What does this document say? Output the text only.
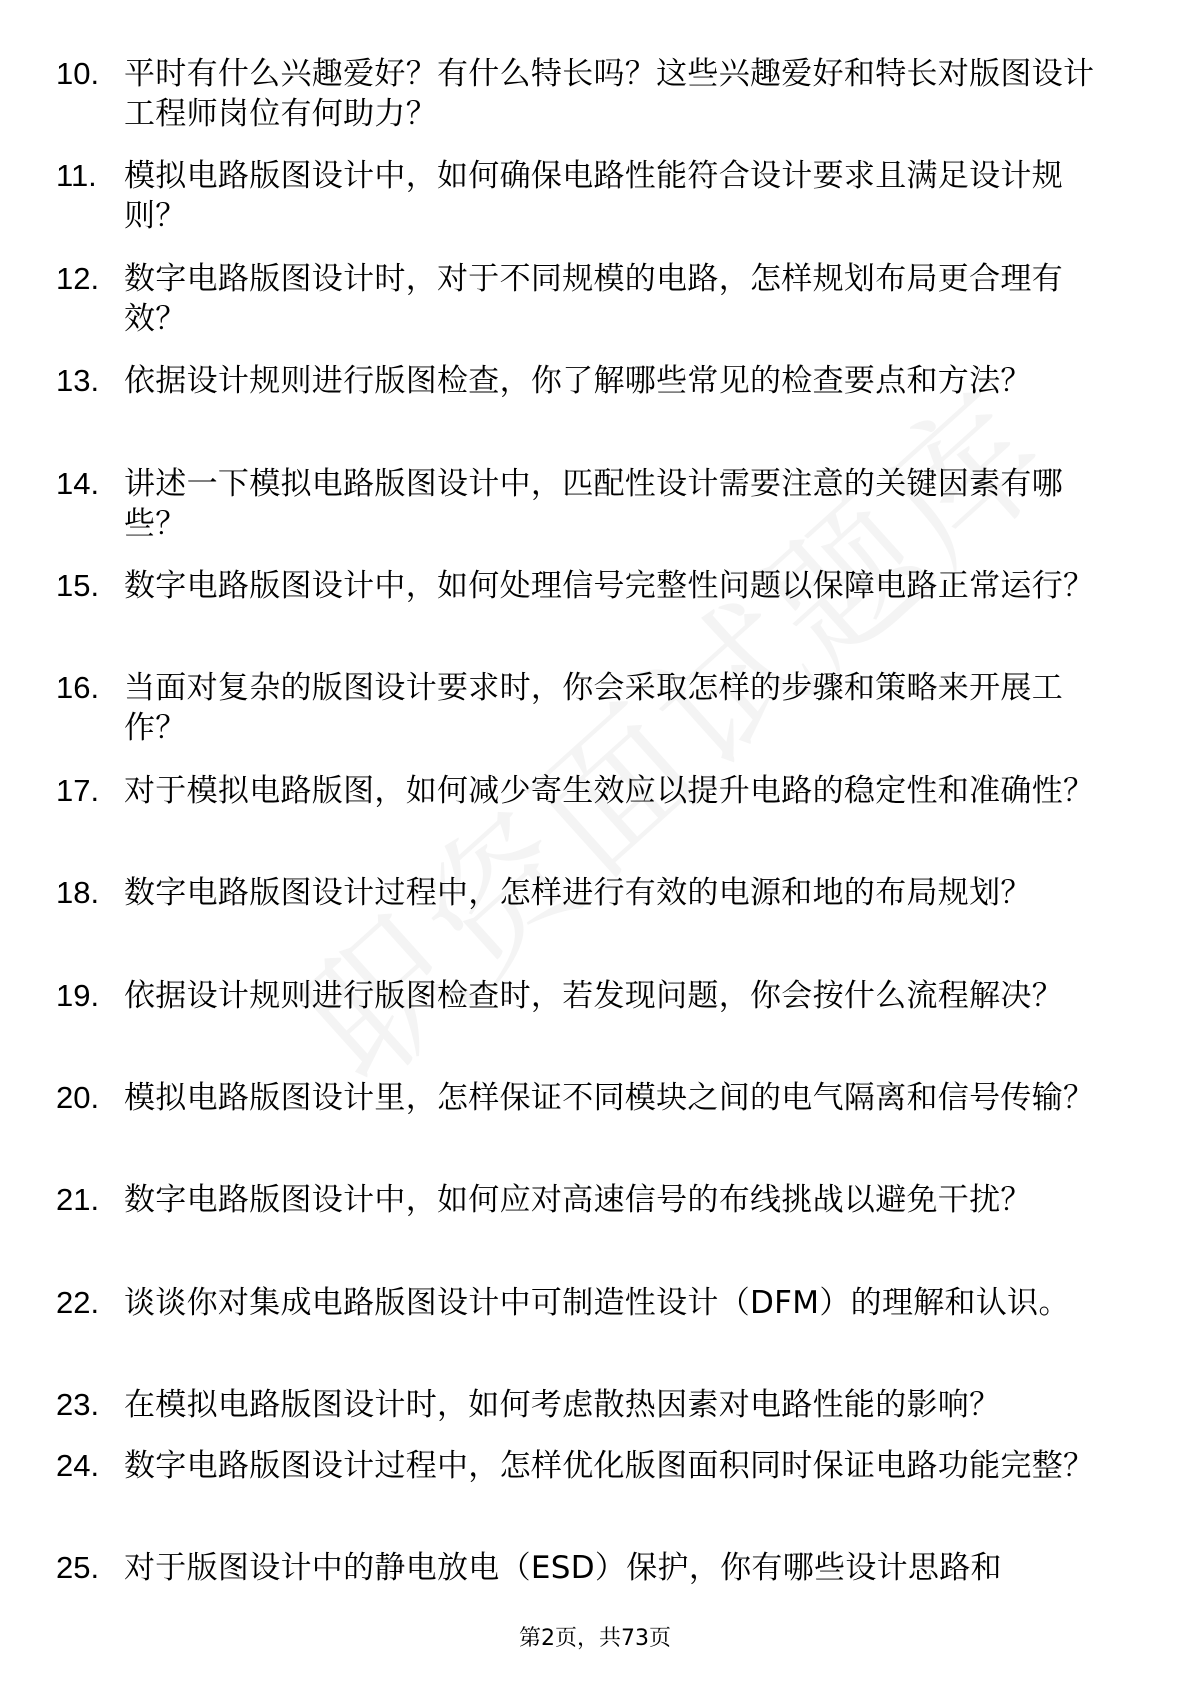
10. 平时有什么兴趣爱好？有什么特长吗？这些兴趣爱好和特长对版图设计工程师岗位有何助力？
11. 模拟电路版图设计中，如何确保电路性能符合设计要求且满足设计规则？
12. 数字电路版图设计时，对于不同规模的电路，怎样规划布局更合理有效？
13. 依据设计规则进行版图检查，你了解哪些常见的检查要点和方法？
14. 讲述一下模拟电路版图设计中，匹配性设计需要注意的关键因素有哪些？
15. 数字电路版图设计中，如何处理信号完整性问题以保障电路正常运行？
16. 当面对复杂的版图设计要求时，你会采取怎样的步骤和策略来开展工作？
17. 对于模拟电路版图，如何减少寄生效应以提升电路的稳定性和准确性？
18. 数字电路版图设计过程中，怎样进行有效的电源和地的布局规划？
19. 依据设计规则进行版图检查时，若发现问题，你会按什么流程解决？
20. 模拟电路版图设计里，怎样保证不同模块之间的电气隔离和信号传输？
21. 数字电路版图设计中，如何应对高速信号的布线挑战以避免干扰？
22. 谈谈你对集成电路版图设计中可制造性设计（DFM）的理解和认识。
23. 在模拟电路版图设计时，如何考虑散热因素对电路性能的影响？
24. 数字电路版图设计过程中，怎样优化版图面积同时保证电路功能完整？
25. 对于版图设计中的静电放电（ESD）保护，你有哪些设计思路和
第2页，共73页
